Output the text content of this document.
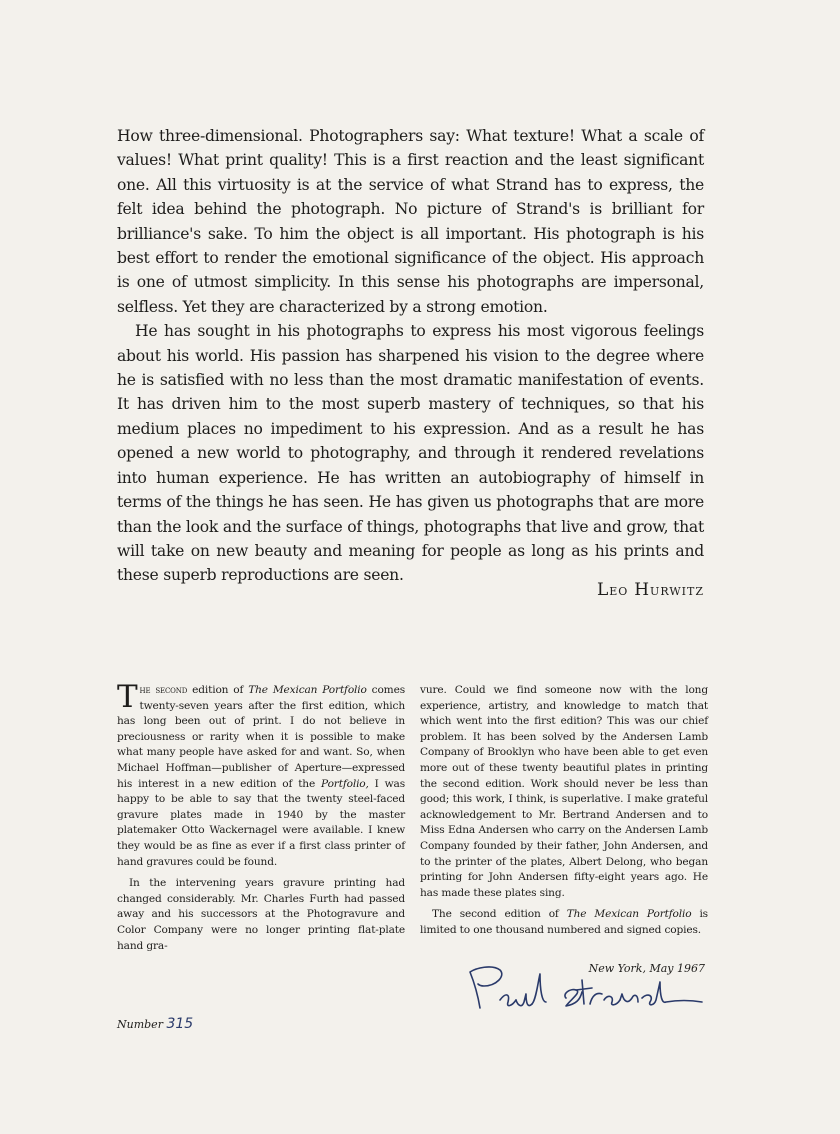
How three-dimensional. Photographers say: What texture! What a scale of values! What print quality! This is a first reaction and the least significant one. All this virtuosity is at the service of what Strand has to express, the felt idea behind the photograph. No picture of Strand's is brilliant for brilliance's sake. To him the object is all important. His photograph is his best effort to render the emotional significance of the object. His approach is one of utmost simplicity. In this sense his photographs are impersonal, selfless. Yet they are characterized by a strong emotion.

He has sought in his photographs to express his most vigorous feelings about his world. His passion has sharpened his vision to the degree where he is satisfied with no less than the most dramatic manifestation of events. It has driven him to the most superb mastery of techniques, so that his medium places no impediment to his expression. And as a result he has opened a new world to photography, and through it rendered revelations into human experience. He has written an autobiography of himself in terms of the things he has seen. He has given us photographs that are more than the look and the surface of things, photographs that live and grow, that will take on new beauty and meaning for people as long as his prints and these superb reproductions are seen.

Leo Hurwitz

The second edition of The Mexican Portfolio comes twenty-seven years after the first edition, which has long been out of print. I do not believe in preciousness or rarity when it is possible to make what many people have asked for and want. So, when Michael Hoffman—publisher of Aperture—expressed his interest in a new edition of the Portfolio, I was happy to be able to say that the twenty steel-faced gravure plates made in 1940 by the master platemaker Otto Wackernagel were available. I knew they would be as fine as ever if a first class printer of hand gravures could be found.

In the intervening years gravure printing had changed considerably. Mr. Charles Furth had passed away and his successors at the Photogravure and Color Company were no longer printing flat-plate hand gra-

vure. Could we find someone now with the long experience, artistry, and knowledge to match that which went into the first edition? This was our chief problem. It has been solved by the Andersen Lamb Company of Brooklyn who have been able to get even more out of these twenty beautiful plates in printing the second edition. Work should never be less than good; this work, I think, is superlative. I make grateful acknowledgement to Mr. Bertrand Andersen and to Miss Edna Andersen who carry on the Andersen Lamb Company founded by their father, John Andersen, and to the printer of the plates, Albert Delong, who began printing for John Andersen fifty-eight years ago. He has made these plates sing.

The second edition of The Mexican Portfolio is limited to one thousand numbered and signed copies.

New York, May 1967
Number 315
